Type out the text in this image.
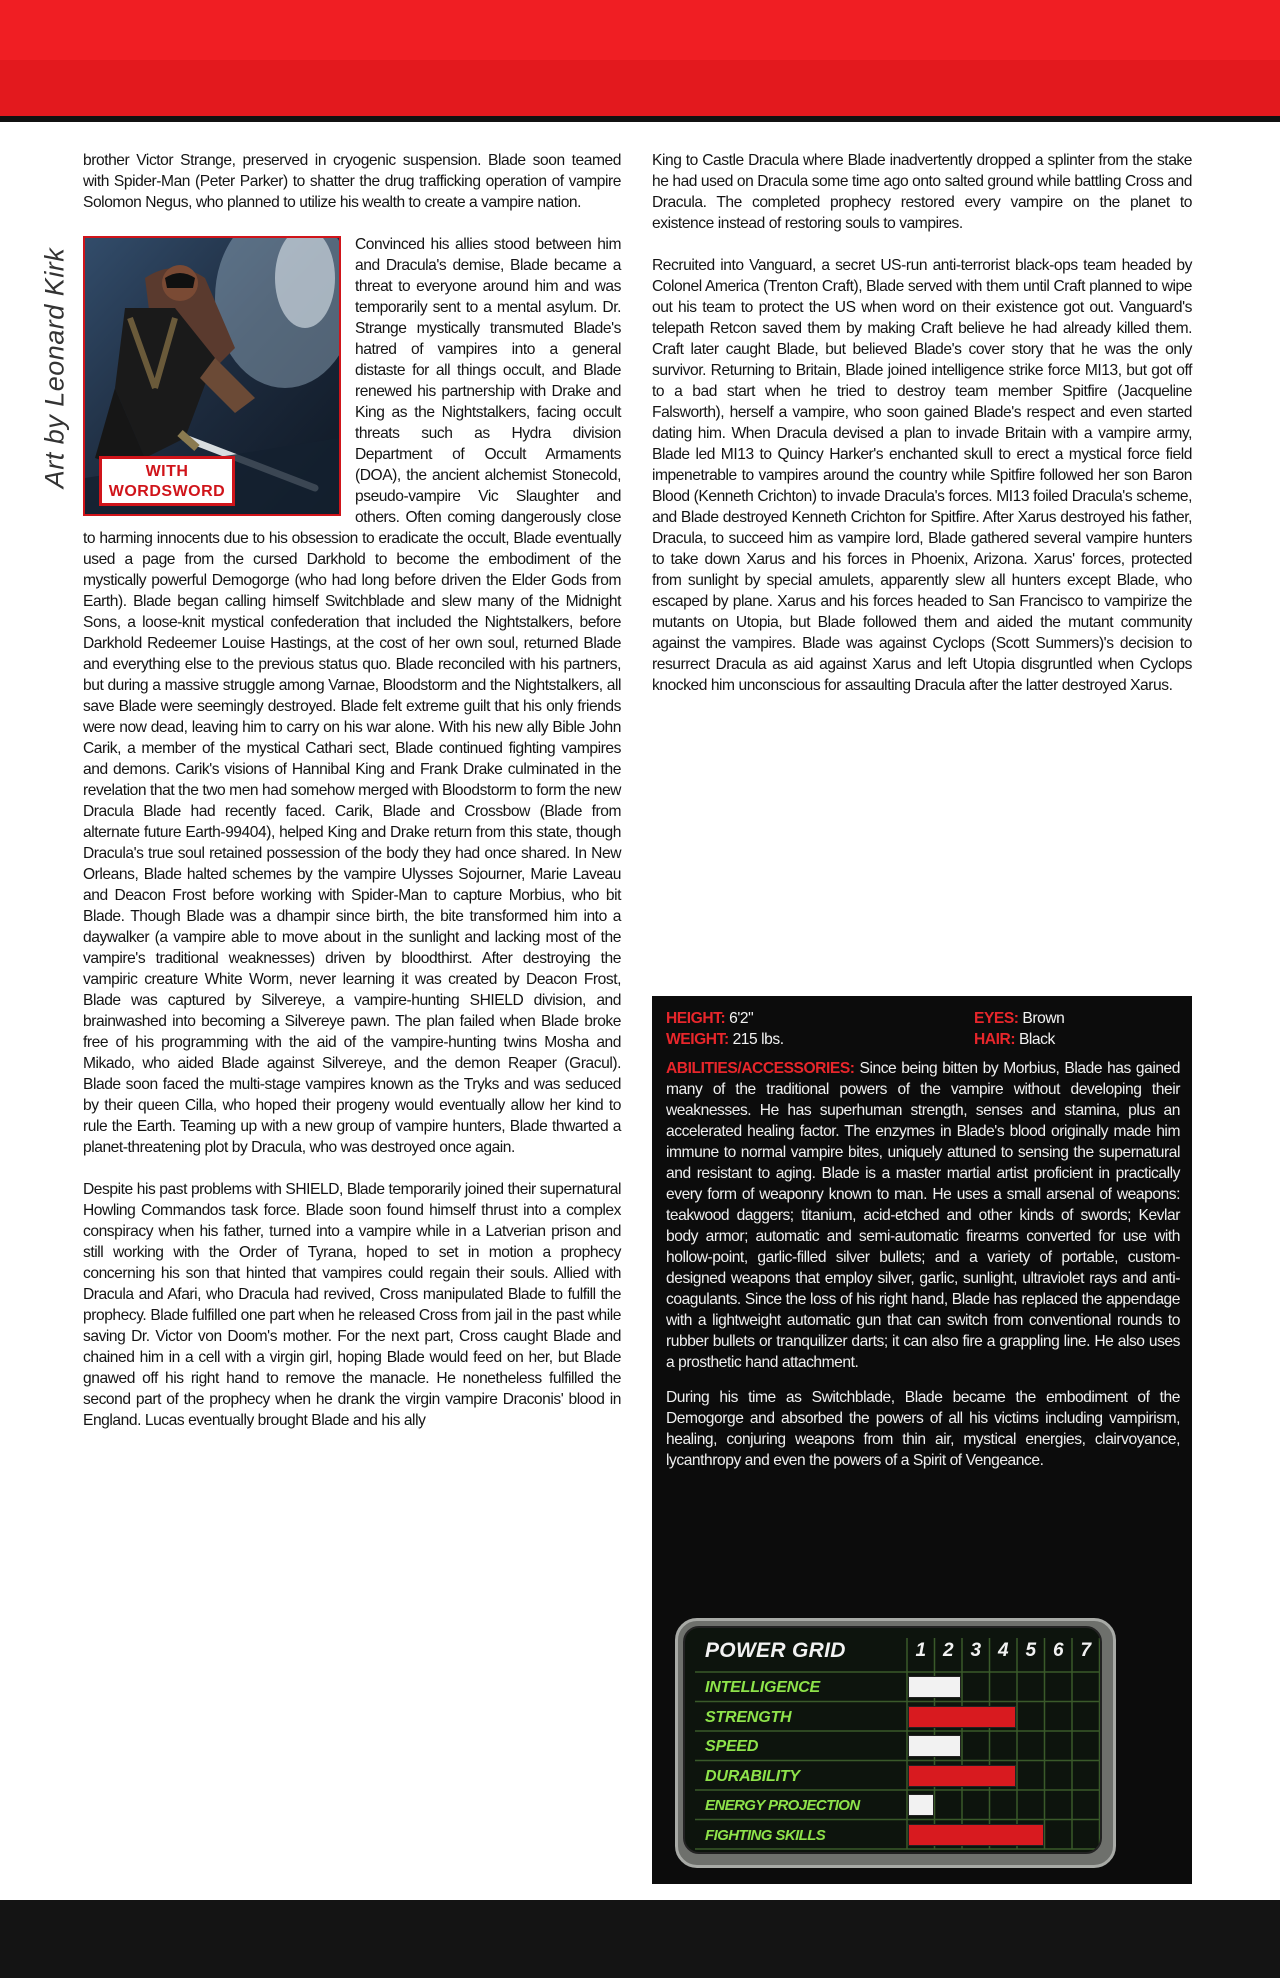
brother Victor Strange, preserved in cryogenic suspension. Blade soon teamed with Spider-Man (Peter Parker) to shatter the drug trafficking operation of vampire Solomon Negus, who planned to utilize his wealth to create a vampire nation.

Art by Leonard Kirk	WITH
WORDSWORD

Convinced his allies stood between him and Dracula's demise, Blade became a threat to everyone around him and was temporarily sent to a mental asylum. Dr. Strange mystically transmuted Blade's hatred of vampires into a general distaste for all things occult, and Blade renewed his partnership with Drake and King as the Nightstalkers, facing occult threats such as Hydra division Department of Occult Armaments (DOA), the ancient alchemist Stonecold, pseudo-vampire Vic Slaughter and others. Often coming dangerously close to harming innocents due to his obsession to eradicate the occult, Blade eventually used a page from the cursed Darkhold to become the embodiment of the mystically powerful Demogorge (who had long before driven the Elder Gods from Earth). Blade began calling himself Switchblade and slew many of the Midnight Sons, a loose-knit mystical confederation that included the Nightstalkers, before Darkhold Redeemer Louise Hastings, at the cost of her own soul, returned Blade and everything else to the previous status quo. Blade reconciled with his partners, but during a massive struggle among Varnae, Bloodstorm and the Nightstalkers, all save Blade were seemingly destroyed. Blade felt extreme guilt that his only friends were now dead, leaving him to carry on his war alone. With his new ally Bible John Carik, a member of the mystical Cathari sect, Blade continued fighting vampires and demons. Carik's visions of Hannibal King and Frank Drake culminated in the revelation that the two men had somehow merged with Bloodstorm to form the new Dracula Blade had recently faced. Carik, Blade and Crossbow (Blade from alternate future Earth-99404), helped King and Drake return from this state, though Dracula's true soul retained possession of the body they had once shared. In New Orleans, Blade halted schemes by the vampire Ulysses Sojourner, Marie Laveau and Deacon Frost before working with Spider-Man to capture Morbius, who bit Blade. Though Blade was a dhampir since birth, the bite transformed him into a daywalker (a vampire able to move about in the sunlight and lacking most of the vampire's traditional weaknesses) driven by bloodthirst. After destroying the vampiric creature White Worm, never learning it was created by Deacon Frost, Blade was captured by Silvereye, a vampire-hunting SHIELD division, and brainwashed into becoming a Silvereye pawn. The plan failed when Blade broke free of his programming with the aid of the vampire-hunting twins Mosha and Mikado, who aided Blade against Silvereye, and the demon Reaper (Gracul). Blade soon faced the multi-stage vampires known as the Tryks and was seduced by their queen Cilla, who hoped their progeny would eventually allow her kind to rule the Earth. Teaming up with a new group of vampire hunters, Blade thwarted a planet-threatening plot by Dracula, who was destroyed once again.

Despite his past problems with SHIELD, Blade temporarily joined their supernatural Howling Commandos task force. Blade soon found himself thrust into a complex conspiracy when his father, turned into a vampire while in a Latverian prison and still working with the Order of Tyrana, hoped to set in motion a prophecy concerning his son that hinted that vampires could regain their souls. Allied with Dracula and Afari, who Dracula had revived, Cross manipulated Blade to fulfill the prophecy. Blade fulfilled one part when he released Cross from jail in the past while saving Dr. Victor von Doom's mother. For the next part, Cross caught Blade and chained him in a cell with a virgin girl, hoping Blade would feed on her, but Blade gnawed off his right hand to remove the manacle. He nonetheless fulfilled the second part of the prophecy when he drank the virgin vampire Draconis' blood in England. Lucas eventually brought Blade and his ally

King to Castle Dracula where Blade inadvertently dropped a splinter from the stake he had used on Dracula some time ago onto salted ground while battling Cross and Dracula. The completed prophecy restored every vampire on the planet to existence instead of restoring souls to vampires.

Recruited into Vanguard, a secret US-run anti-terrorist black-ops team headed by Colonel America (Trenton Craft), Blade served with them until Craft planned to wipe out his team to protect the US when word on their existence got out. Vanguard's telepath Retcon saved them by making Craft believe he had already killed them. Craft later caught Blade, but believed Blade's cover story that he was the only survivor. Returning to Britain, Blade joined intelligence strike force MI13, but got off to a bad start when he tried to destroy team member Spitfire (Jacqueline Falsworth), herself a vampire, who soon gained Blade's respect and even started dating him. When Dracula devised a plan to invade Britain with a vampire army, Blade led MI13 to Quincy Harker's enchanted skull to erect a mystical force field impenetrable to vampires around the country while Spitfire followed her son Baron Blood (Kenneth Crichton) to invade Dracula's forces. MI13 foiled Dracula's scheme, and Blade destroyed Kenneth Crichton for Spitfire. After Xarus destroyed his father, Dracula, to succeed him as vampire lord, Blade gathered several vampire hunters to take down Xarus and his forces in Phoenix, Arizona. Xarus' forces, protected from sunlight by special amulets, apparently slew all hunters except Blade, who escaped by plane. Xarus and his forces headed to San Francisco to vampirize the mutants on Utopia, but Blade followed them and aided the mutant community against the vampires. Blade was against Cyclops (Scott Summers)'s decision to resurrect Dracula as aid against Xarus and left Utopia disgruntled when Cyclops knocked him unconscious for assaulting Dracula after the latter destroyed Xarus.

HEIGHT: 6'2"
WEIGHT: 215 lbs.
EYES: Brown
HAIR: Black

ABILITIES/ACCESSORIES: Since being bitten by Morbius, Blade has gained many of the traditional powers of the vampire without developing their weaknesses. He has superhuman strength, senses and stamina, plus an accelerated healing factor. The enzymes in Blade's blood originally made him immune to normal vampire bites, uniquely attuned to sensing the supernatural and resistant to aging. Blade is a master martial artist proficient in practically every form of weaponry known to man. He uses a small arsenal of weapons: teakwood daggers; titanium, acid-etched and other kinds of swords; Kevlar body armor; automatic and semi-automatic firearms converted for use with hollow-point, garlic-filled silver bullets; and a variety of portable, custom-designed weapons that employ silver, garlic, sunlight, ultraviolet rays and anti-coagulants. Since the loss of his right hand, Blade has replaced the appendage with a lightweight automatic gun that can switch from conventional rounds to rubber bullets or tranquilizer darts; it can also fire a grappling line. He also uses a prosthetic hand attachment.

During his time as Switchblade, Blade became the embodiment of the Demogorge and absorbed the powers of all his victims including vampirism, healing, conjuring weapons from thin air, mystical energies, clairvoyance, lycanthropy and even the powers of a Spirit of Vengeance.

POWER GRID	1 2 3 4 5 6 7
INTELLIGENCE
STRENGTH
SPEED
DURABILITY
ENERGY PROJECTION
FIGHTING SKILLS
